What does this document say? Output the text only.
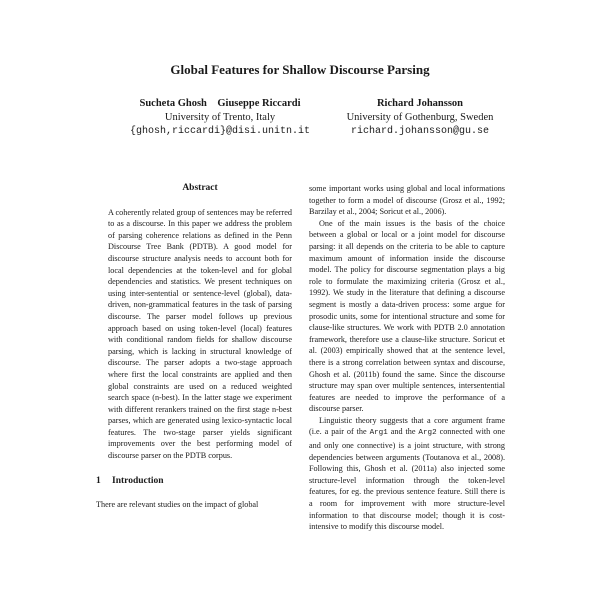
Global Features for Shallow Discourse Parsing
Sucheta Ghosh    Giuseppe Riccardi
University of Trento, Italy
{ghosh,riccardi}@disi.unitn.it
Richard Johansson
University of Gothenburg, Sweden
richard.johansson@gu.se
Abstract
A coherently related group of sentences may be referred to as a discourse. In this paper we address the problem of parsing coherence relations as defined in the Penn Discourse Tree Bank (PDTB). A good model for discourse structure analysis needs to account both for local dependencies at the token-level and for global dependencies and statistics. We present techniques on using inter-sentential or sentence-level (global), data-driven, non-grammatical features in the task of parsing discourse. The parser model follows up previous approach based on using token-level (local) features with conditional random fields for shallow discourse parsing, which is lacking in structural knowledge of discourse. The parser adopts a two-stage approach where first the local constraints are applied and then global constraints are used on a reduced weighted search space (n-best). In the latter stage we experiment with different rerankers trained on the first stage n-best parses, which are generated using lexico-syntactic local features. The two-stage parser yields significant improvements over the best performing model of discourse parser on the PDTB corpus.
1	Introduction
There are relevant studies on the impact of global

some important works using global and local informations together to form a model of discourse (Grosz et al., 1992; Barzilay et al., 2004; Soricut et al., 2006).

One of the main issues is the basis of the choice between a global or local or a joint model for discourse parsing: it all depends on the criteria to be able to capture maximum amount of information inside the discourse model. The policy for discourse segmentation plays a big role to formulate the maximizing criteria (Grosz et al., 1992). We study in the literature that defining a discourse segment is mostly a data-driven process: some argue for prosodic units, some for intentional structure and some for clause-like structures. We work with PDTB 2.0 annotation framework, therefore use a clause-like structure. Soricut et al. (2003) empirically showed that at the sentence level, there is a strong correlation between syntax and discourse, Ghosh et al. (2011b) found the same. Since the discourse structure may span over multiple sentences, intersentential features are needed to improve the performance of a discourse parser.

Linguistic theory suggests that a core argument frame (i.e. a pair of the Arg1 and the Arg2 connected with one and only one connective) is a joint structure, with strong dependencies between arguments (Toutanova et al., 2008). Following this, Ghosh et al. (2011a) also injected some structure-level information through the token-level features, for eg. the previous sentence feature. Still there is a room for improvement with more structure-level information to that discourse model; though it is cost-intensive to modify this discourse model.
